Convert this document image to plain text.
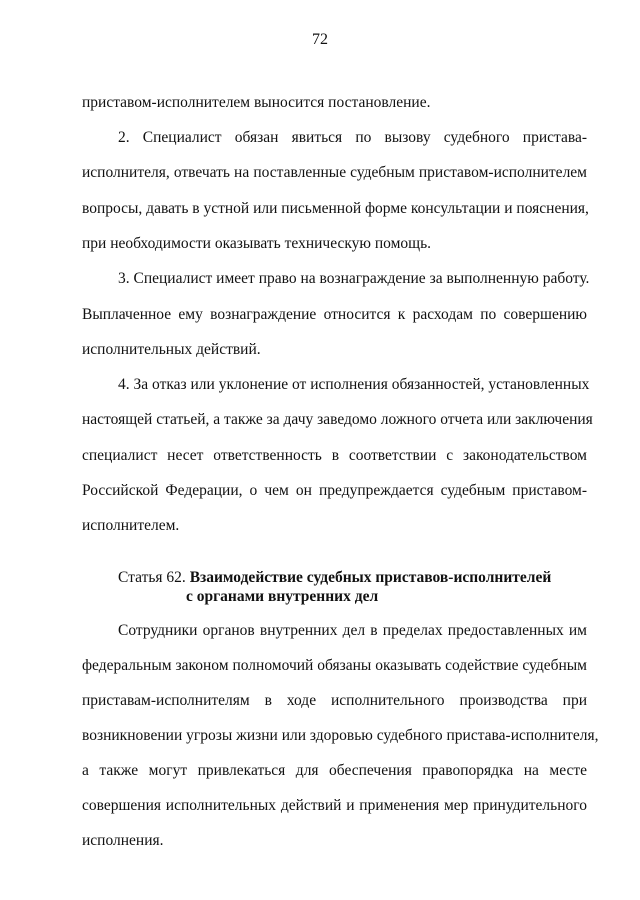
72
приставом-исполнителем выносится постановление.
2. Специалист обязан явиться по вызову судебного пристава-
исполнителя, отвечать на поставленные судебным приставом-исполнителем
вопросы, давать в устной или письменной форме консультации и пояснения,
при необходимости оказывать техническую помощь.
3. Специалист имеет право на вознаграждение за выполненную работу.
Выплаченное ему вознаграждение относится к расходам по совершению
исполнительных действий.
4. За отказ или уклонение от исполнения обязанностей, установленных
настоящей статьей, а также за дачу заведомо ложного отчета или заключения
специалист несет ответственность в соответствии с законодательством
Российской Федерации, о чем он предупреждается судебным приставом-
исполнителем.
Статья 62. Взаимодействие судебных приставов-исполнителей
с органами внутренних дел
Сотрудники органов внутренних дел в пределах предоставленных им
федеральным законом полномочий обязаны оказывать содействие судебным
приставам-исполнителям в ходе исполнительного производства при
возникновении угрозы жизни или здоровью судебного пристава-исполнителя,
а также могут привлекаться для обеспечения правопорядка на месте
совершения исполнительных действий и применения мер принудительного
исполнения.
